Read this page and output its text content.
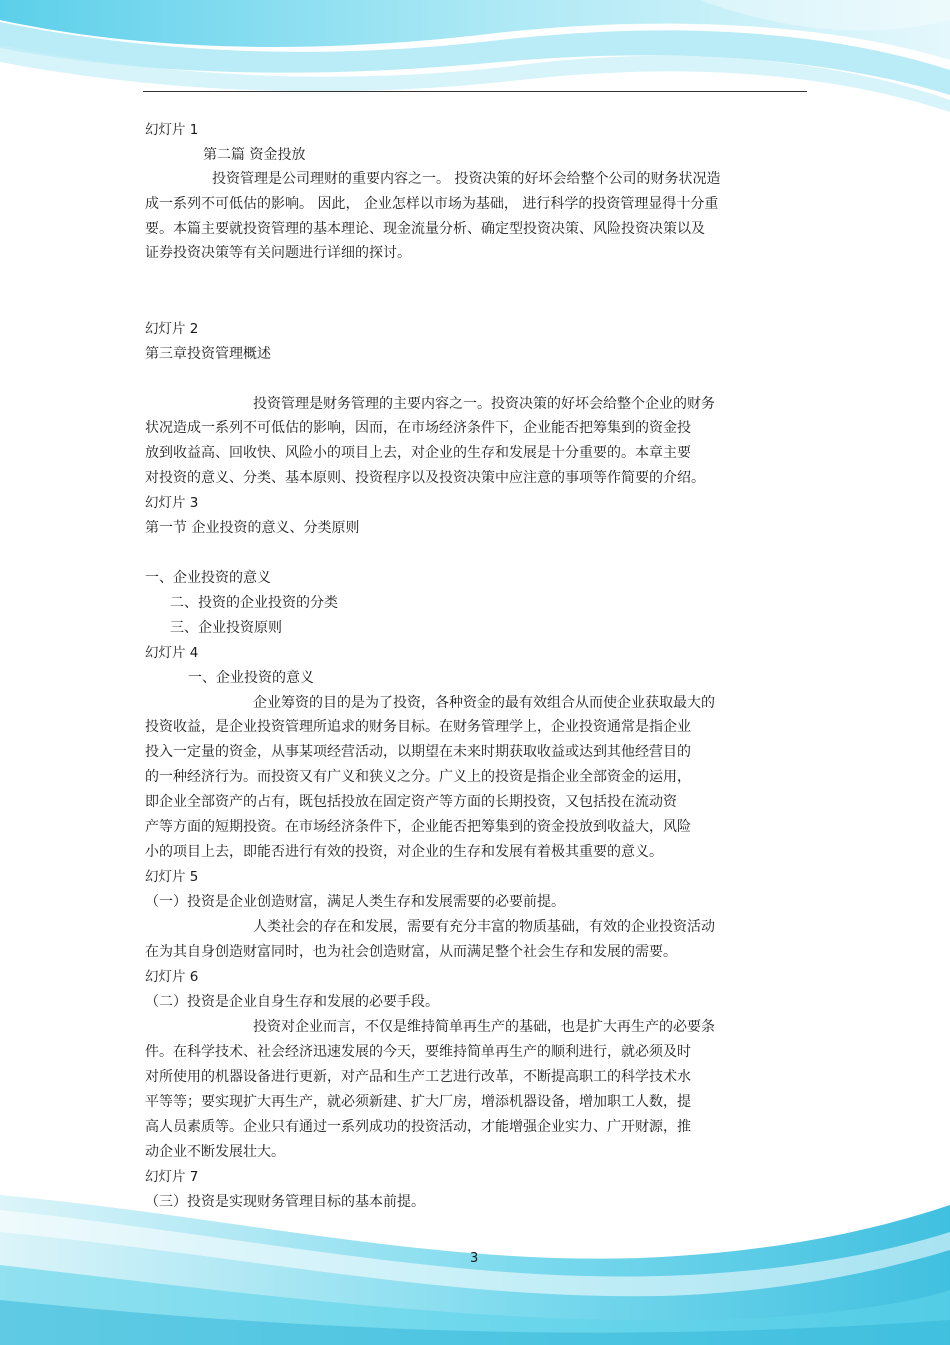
幻灯片 1
第二篇 资金投放
投资管理是公司理财的重要内容之一。 投资决策的好坏会给整个公司的财务状况造
成一系列不可低估的影响。 因此， 企业怎样以市场为基础， 进行科学的投资管理显得十分重
要。本篇主要就投资管理的基本理论、现金流量分析、确定型投资决策、风险投资决策以及
证券投资决策等有关问题进行详细的探讨。
幻灯片 2
第三章投资管理概述
投资管理是财务管理的主要内容之一。投资决策的好坏会给整个企业的财务
状况造成一系列不可低估的影响，因而，在市场经济条件下，企业能否把筹集到的资金投
放到收益高、回收快、风险小的项目上去，对企业的生存和发展是十分重要的。本章主要
对投资的意义、分类、基本原则、投资程序以及投资决策中应注意的事项等作简要的介绍。
幻灯片 3
第一节 企业投资的意义、分类原则
一、企业投资的意义
二、投资的企业投资的分类
三、企业投资原则
幻灯片 4
一、企业投资的意义
企业筹资的目的是为了投资，各种资金的最有效组合从而使企业获取最大的
投资收益，是企业投资管理所追求的财务目标。在财务管理学上，企业投资通常是指企业
投入一定量的资金，从事某项经营活动，以期望在未来时期获取收益或达到其他经营目的
的一种经济行为。而投资又有广义和狭义之分。广义上的投资是指企业全部资金的运用，
即企业全部资产的占有，既包括投放在固定资产等方面的长期投资，又包括投在流动资
产等方面的短期投资。在市场经济条件下，企业能否把筹集到的资金投放到收益大，风险
小的项目上去，即能否进行有效的投资，对企业的生存和发展有着极其重要的意义。
幻灯片 5
（一）投资是企业创造财富，满足人类生存和发展需要的必要前提。
人类社会的存在和发展，需要有充分丰富的物质基础，有效的企业投资活动
在为其自身创造财富同时，也为社会创造财富，从而满足整个社会生存和发展的需要。
幻灯片 6
（二）投资是企业自身生存和发展的必要手段。
投资对企业而言，不仅是维持简单再生产的基础，也是扩大再生产的必要条
件。在科学技术、社会经济迅速发展的今天，要维持简单再生产的顺利进行，就必须及时
对所使用的机器设备进行更新，对产品和生产工艺进行改革，不断提高职工的科学技术水
平等等；要实现扩大再生产，就必须新建、扩大厂房，增添机器设备，增加职工人数，提
高人员素质等。企业只有通过一系列成功的投资活动，才能增强企业实力、广开财源，推
动企业不断发展壮大。
幻灯片 7
（三）投资是实现财务管理目标的基本前提。
3
